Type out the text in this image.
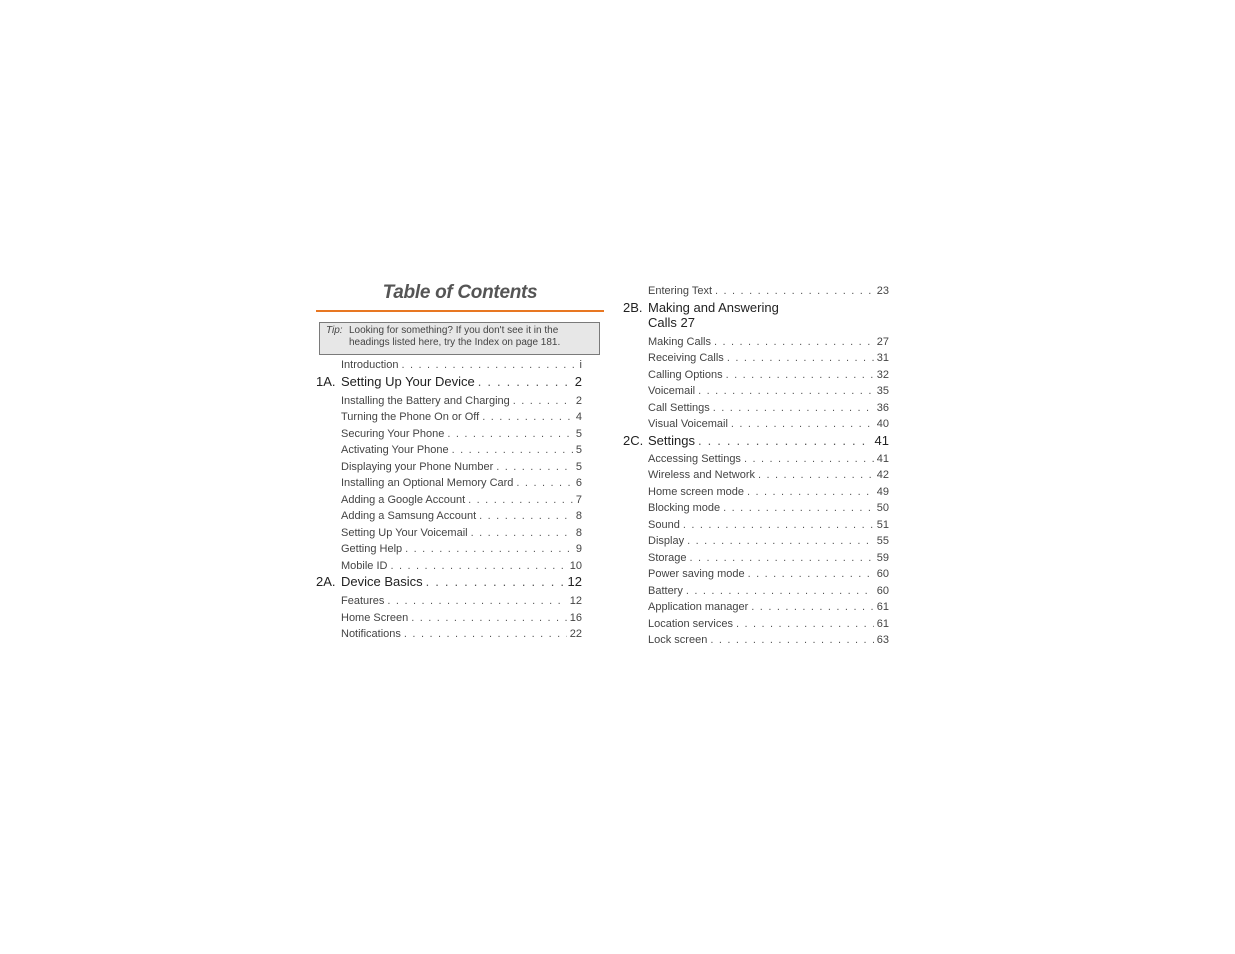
Table of Contents
Tip: Looking for something? If you don't see it in the headings listed here, try the Index on page 181.
Introduction . . .	i
1A. Setting Up Your Device . . .	2
Installing the Battery and Charging . . .	2
Turning the Phone On or Off . . .	4
Securing Your Phone . . .	5
Activating Your Phone . . .	5
Displaying your Phone Number . . .	5
Installing an Optional Memory Card . . .	6
Adding a Google Account . . .	7
Adding a Samsung Account . . .	8
Setting Up Your Voicemail . . .	8
Getting Help . . .	9
Mobile ID . . .	10
2A. Device Basics . . .	12
Features . . .	12
Home Screen . . .	16
Notifications . . .	22
Entering Text . . .	23
2B. Making and Answering
Calls 27
Making Calls . . .	27
Receiving Calls . . .	31
Calling Options . . .	32
Voicemail . . .	35
Call Settings . . .	36
Visual Voicemail . . .	40
2C. Settings . . .	41
Accessing Settings . . .	41
Wireless and Network . . .	42
Home screen mode . . .	49
Blocking mode . . .	50
Sound . . .	51
Display . . .	55
Storage . . .	59
Power saving mode . . .	60
Battery . . .	60
Application manager . . .	61
Location services . . .	61
Lock screen . . .	63
